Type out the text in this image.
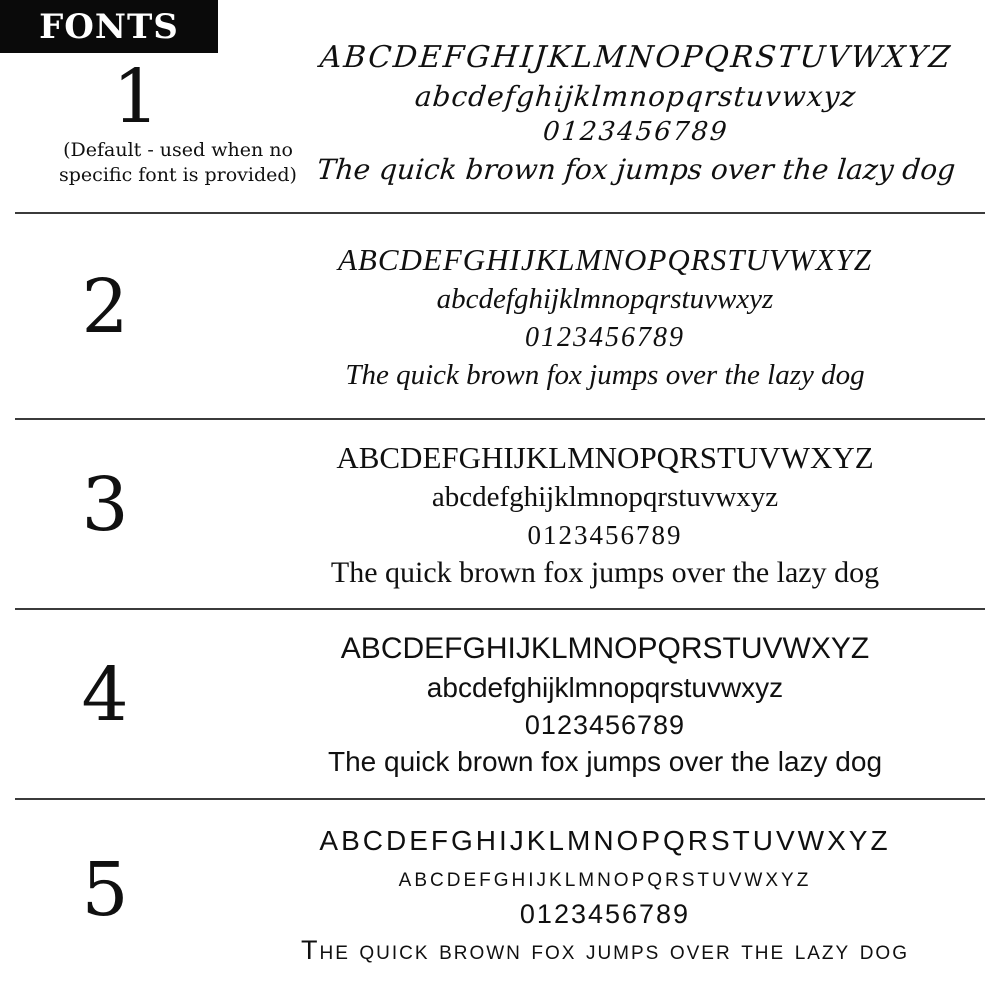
FONTS
1
(Default - used when no
specific font is provided)
ABCDEFGHIJKLMNOPQRSTUVWXYZ
abcdefghijklmnopqrstuvwxyz
0123456789
The quick brown fox jumps over the lazy dog
2
ABCDEFGHIJKLMNOPQRSTUVWXYZ
abcdefghijklmnopqrstuvwxyz
0123456789
The quick brown fox jumps over the lazy dog
3
ABCDEFGHIJKLMNOPQRSTUVWXYZ
abcdefghijklmnopqrstuvwxyz
0123456789
The quick brown fox jumps over the lazy dog
4
ABCDEFGHIJKLMNOPQRSTUVWXYZ
abcdefghijklmnopqrstuvwxyz
0123456789
The quick brown fox jumps over the lazy dog
5
ABCDEFGHIJKLMNOPQRSTUVWXYZ
abcdefghijklmnopqrstuvwxyz
0123456789
The quick brown fox jumps over the lazy dog
